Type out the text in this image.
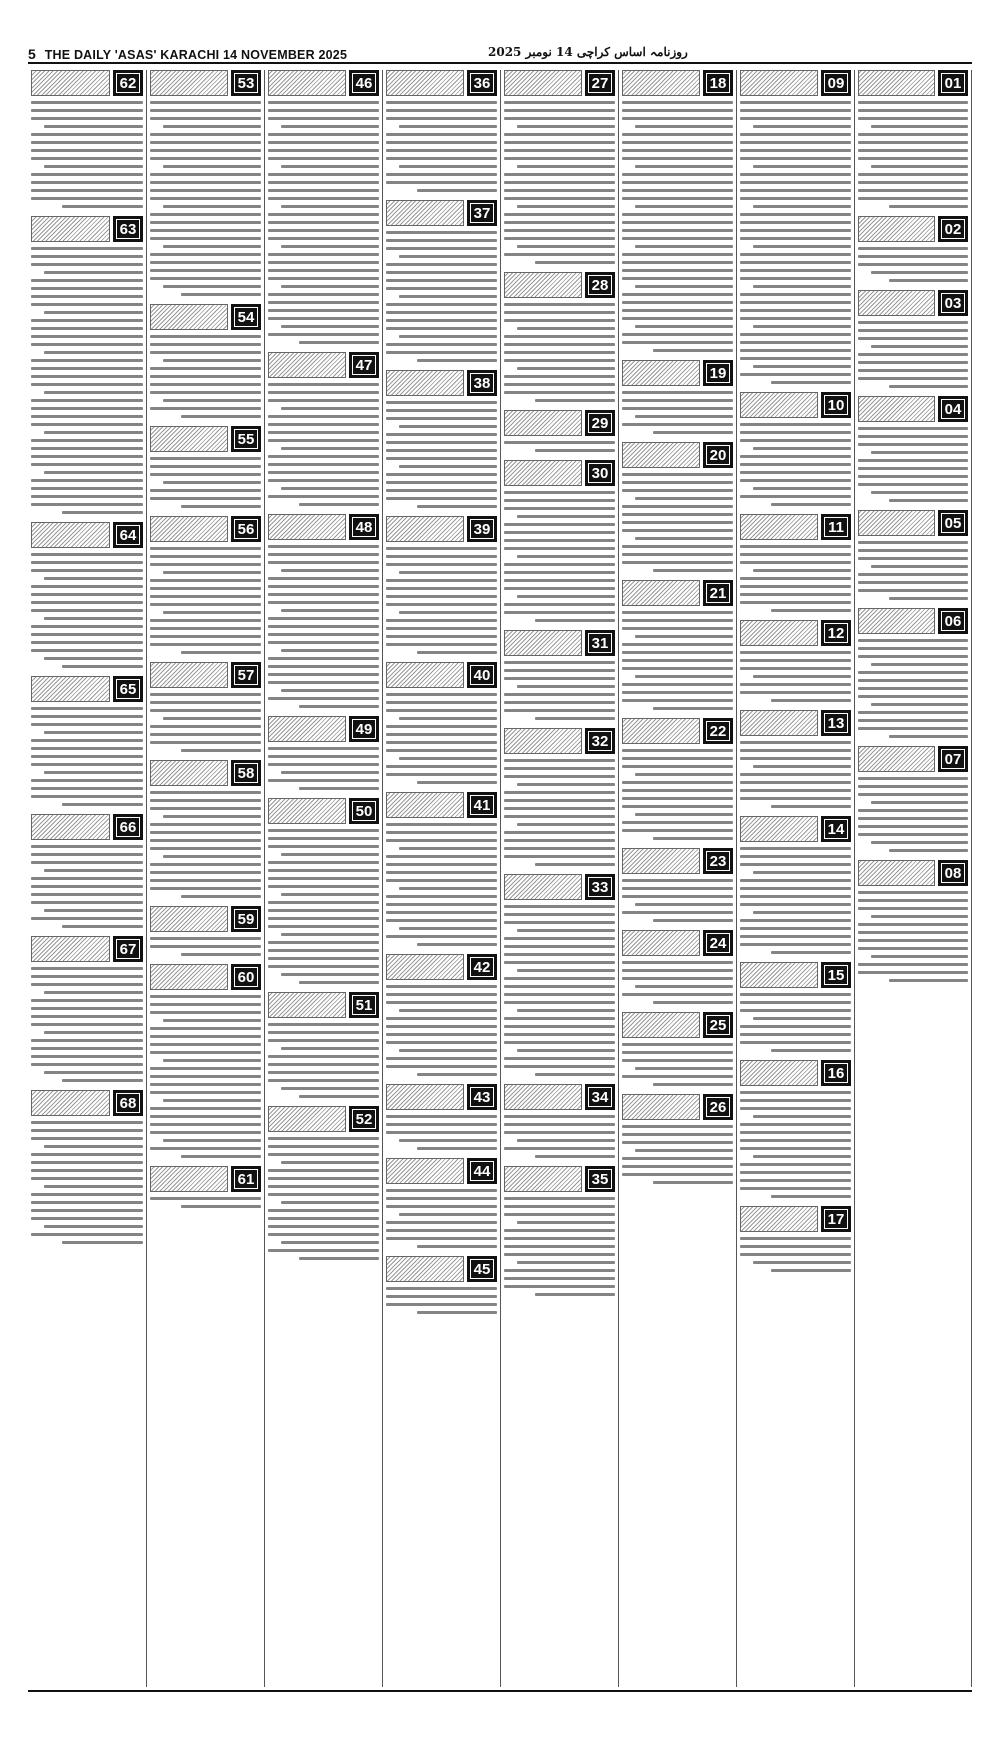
5 THE DAILY 'ASAS' KARACHI 14 NOVEMBER 2025	روزنامہ اساس کراچی 14 نومبر 2025
01
02
03
04
05
06
07
08
09
10
11
12
13
14
15
16
17
18
19
20
21
22
23
24
25
26
27
28
29
30
31
32
33
34
35
36
37
38
39
40
41
42
43
44
45
46
47
48
49
50
51
52
53
54
55
56
57
58
59
60
61
62
63
64
65
66
67
68
